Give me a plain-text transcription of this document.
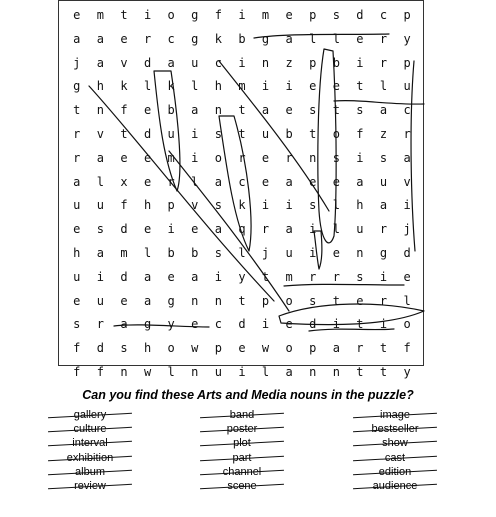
e	m	t	i	o	g	f	i	m	e	p	s	d	c	p
a	a	e	r	c	g	k	b	g	a	l	l	e	r	y
j	a	v	d	a	u	c	i	n	z	p	b	i	r	p
g	h	k	l	k	l	h	m	i	i	e	e	t	l	u
t	n	f	e	b	a	n	t	a	e	s	t	s	a	c
r	v	t	d	u	i	s	t	u	b	t	o	f	z	r
r	a	e	e	m	i	o	r	e	r	n	s	i	s	a
a	l	x	e	r	l	a	c	e	a	e	e	a	u	v
u	u	f	h	p	v	s	k	i	i	s	l	h	a	i
e	s	d	e	i	e	a	q	r	a	i	l	u	r	j
h	a	m	l	b	b	s	l	j	u	i	e	n	g	d
u	i	d	a	e	a	i	y	t	m	r	r	s	i	e
e	u	e	a	g	n	n	t	p	o	s	t	e	r	l
s	r	a	g	y	e	c	d	i	e	d	i	t	i	o
f	d	s	h	o	w	p	e	w	o	p	a	r	t	f
f	f	n	w	l	n	u	i	l	a	n	n	t	t	y
Can you find these Arts and Media nouns in the puzzle?
gallery
culture
interval
exhibition
album
review
band
poster
plot
part
channel
scene
image
bestseller
show
cast
edition
audience
